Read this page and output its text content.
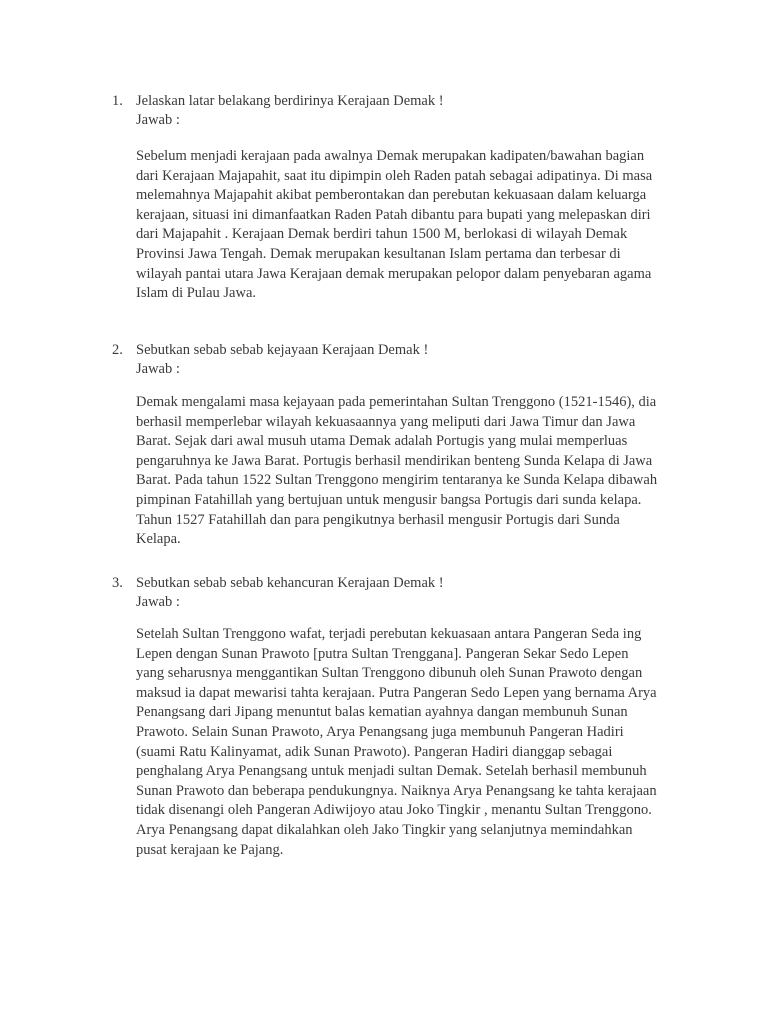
1. Jelaskan latar belakang berdirinya Kerajaan Demak !
Jawab :
Sebelum menjadi kerajaan pada awalnya Demak merupakan kadipaten/bawahan bagian
dari Kerajaan Majapahit, saat itu dipimpin oleh Raden patah sebagai adipatinya. Di masa
melemahnya Majapahit akibat pemberontakan dan perebutan kekuasaan dalam keluarga
kerajaan, situasi ini dimanfaatkan Raden Patah dibantu para bupati yang melepaskan diri
dari Majapahit . Kerajaan Demak berdiri tahun 1500 M, berlokasi di wilayah Demak
Provinsi Jawa Tengah. Demak merupakan kesultanan Islam pertama dan terbesar di
wilayah pantai utara Jawa Kerajaan demak merupakan pelopor dalam penyebaran agama
Islam di Pulau Jawa.
2. Sebutkan sebab sebab kejayaan Kerajaan Demak !
Jawab :
Demak mengalami masa kejayaan pada pemerintahan Sultan Trenggono (1521-1546), dia
berhasil memperlebar wilayah kekuasaannya yang meliputi dari Jawa Timur dan Jawa
Barat. Sejak dari awal musuh utama Demak adalah Portugis yang mulai memperluas
pengaruhnya ke Jawa Barat. Portugis berhasil mendirikan benteng Sunda Kelapa di Jawa
Barat. Pada tahun 1522 Sultan Trenggono mengirim tentaranya ke Sunda Kelapa dibawah
pimpinan Fatahillah yang bertujuan untuk mengusir bangsa Portugis dari sunda kelapa.
Tahun 1527 Fatahillah dan para pengikutnya berhasil mengusir Portugis dari Sunda
Kelapa.
3. Sebutkan sebab sebab kehancuran Kerajaan Demak !
Jawab :
Setelah Sultan Trenggono wafat, terjadi perebutan kekuasaan antara Pangeran Seda ing
Lepen dengan Sunan Prawoto [putra Sultan Trenggana]. Pangeran Sekar Sedo Lepen
yang seharusnya menggantikan Sultan Trenggono dibunuh oleh Sunan Prawoto dengan
maksud ia dapat mewarisi tahta kerajaan. Putra Pangeran Sedo Lepen yang bernama Arya
Penangsang dari Jipang menuntut balas kematian ayahnya dangan membunuh Sunan
Prawoto. Selain Sunan Prawoto, Arya Penangsang juga membunuh Pangeran Hadiri
(suami Ratu Kalinyamat, adik Sunan Prawoto). Pangeran Hadiri dianggap sebagai
penghalang Arya Penangsang untuk menjadi sultan Demak. Setelah berhasil membunuh
Sunan Prawoto dan beberapa pendukungnya. Naiknya Arya Penangsang ke tahta kerajaan
tidak disenangi oleh Pangeran Adiwijoyo atau Joko Tingkir , menantu Sultan Trenggono.
Arya Penangsang dapat dikalahkan oleh Jako Tingkir yang selanjutnya memindahkan
pusat kerajaan ke Pajang.
